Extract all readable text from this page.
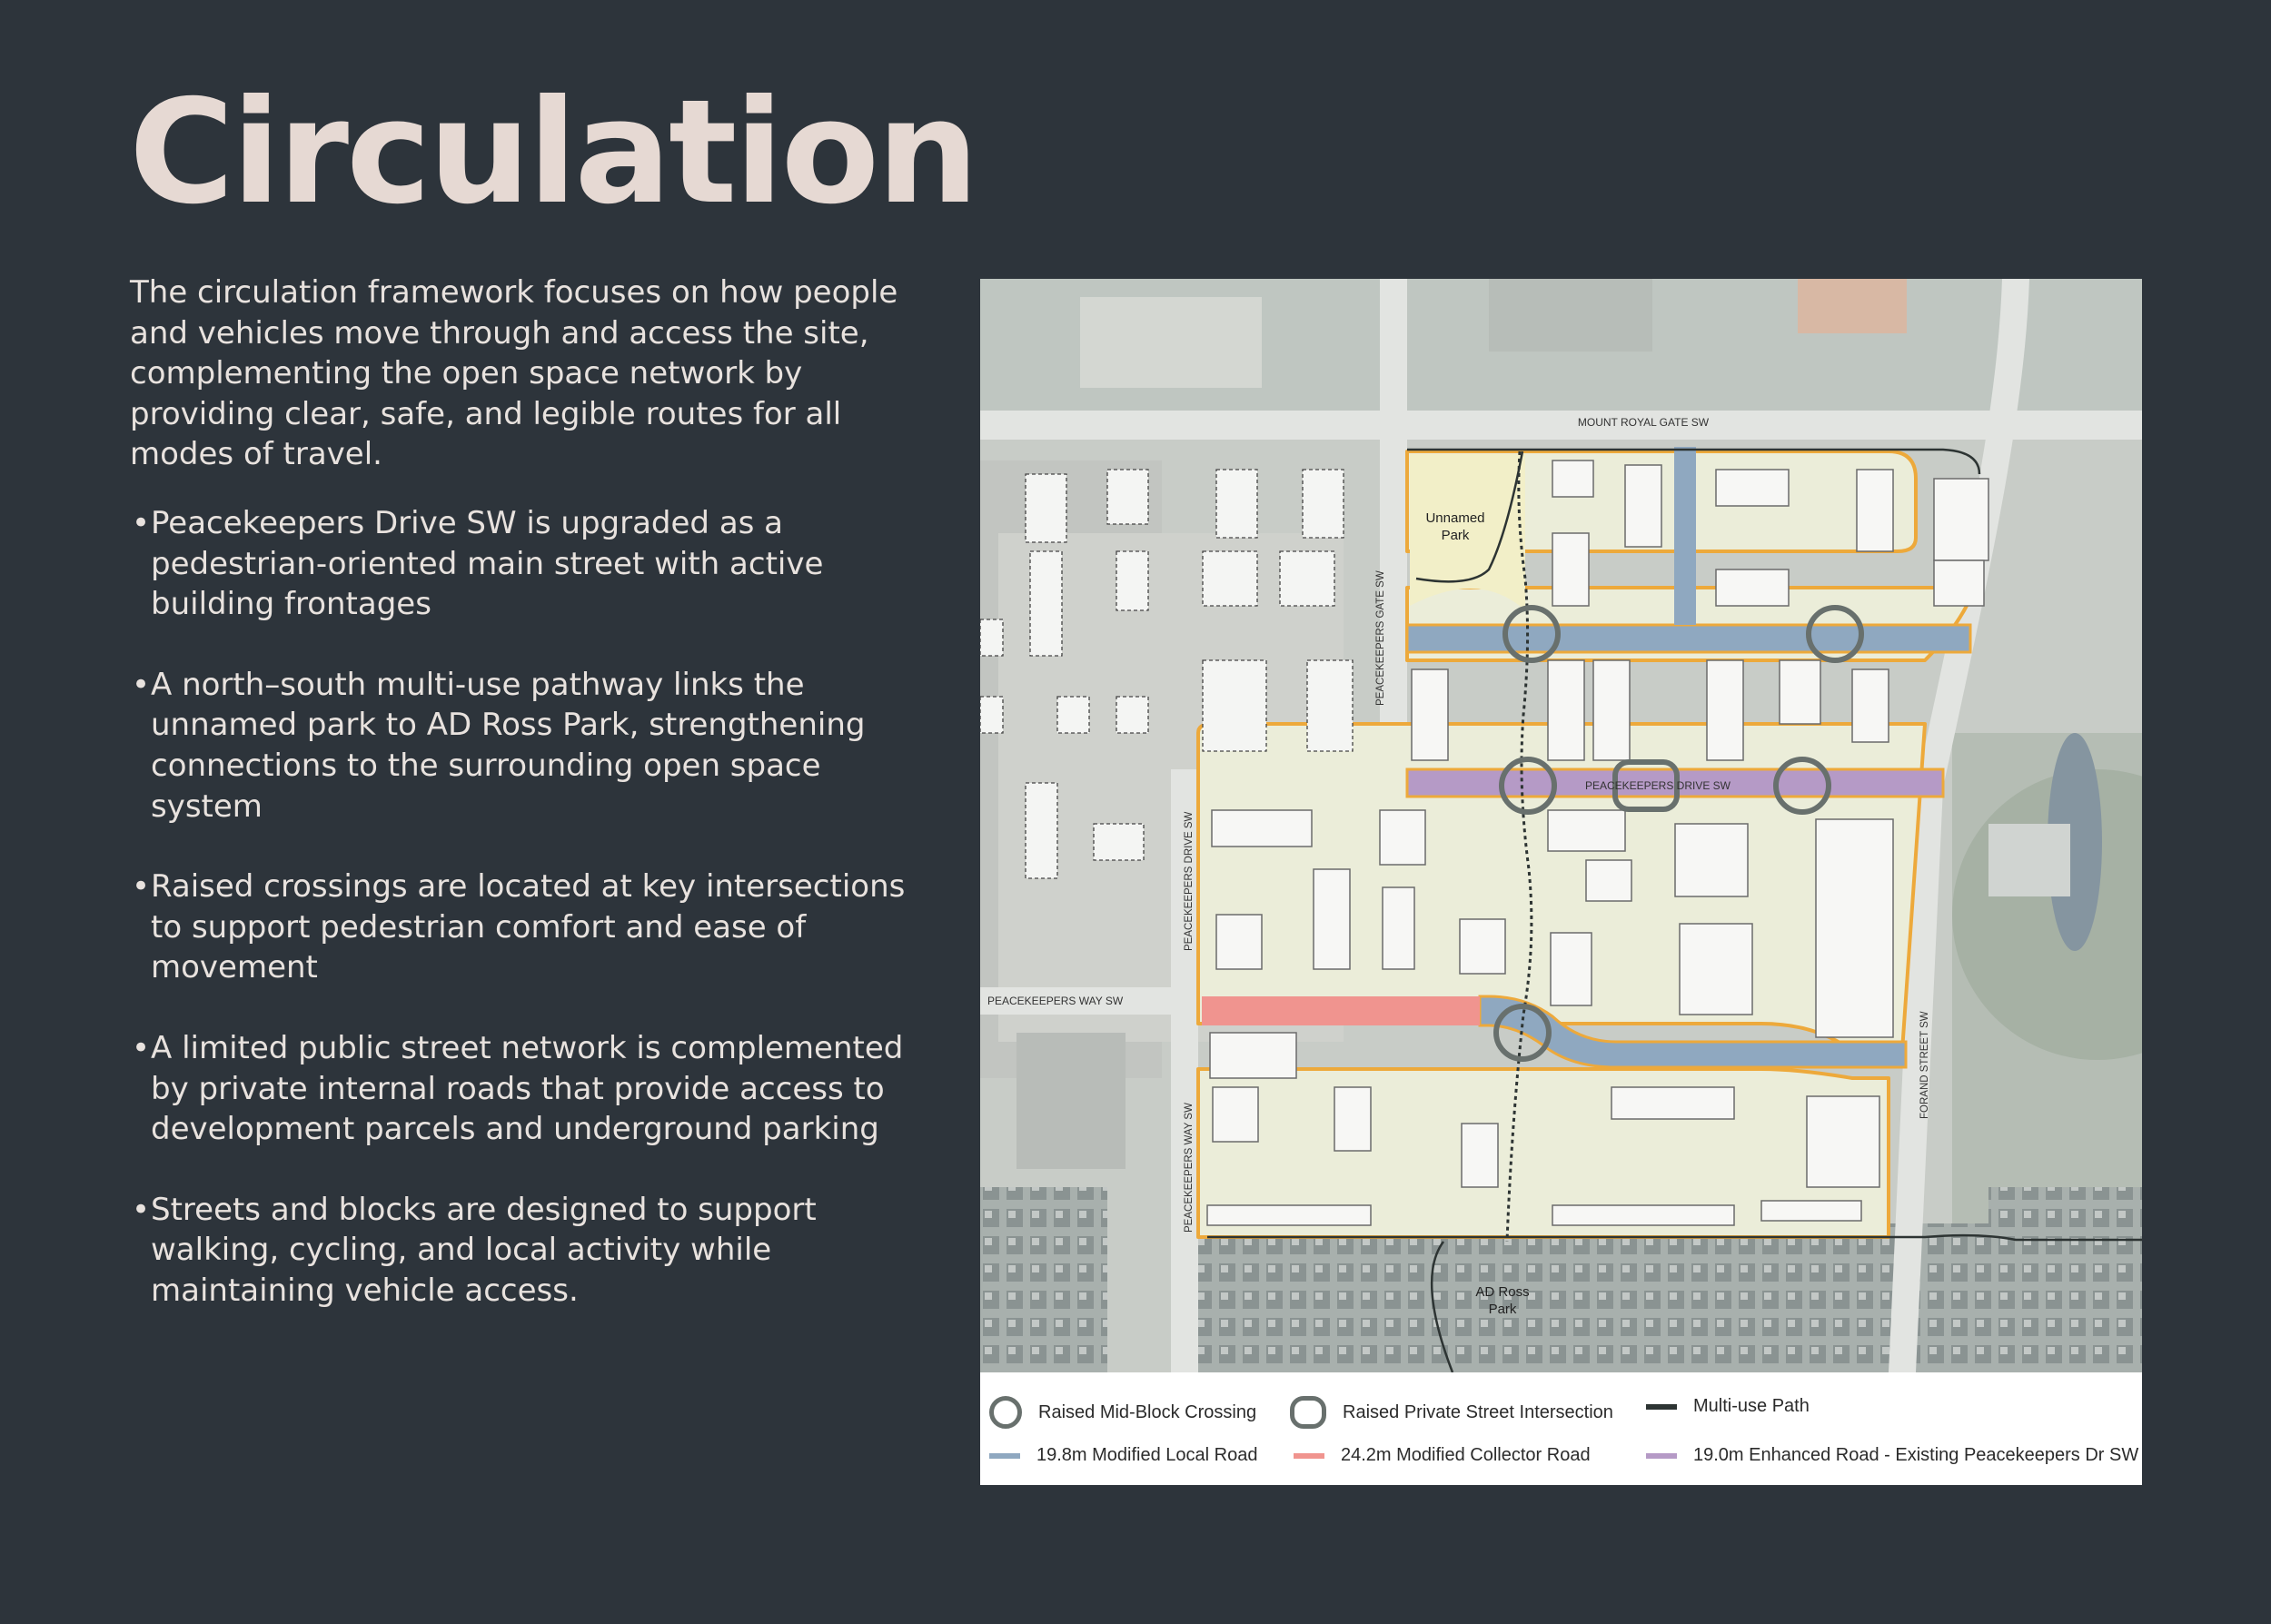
Circulation

The circulation framework focuses on how people and vehicles move through and access the site, complementing the open space network by providing clear, safe, and legible routes for all modes of travel.

• Peacekeepers Drive SW is upgraded as a pedestrian-oriented main street with active building frontages
• A north–south multi-use pathway links the unnamed park to AD Ross Park, strengthening connections to the surrounding open space system
• Raised crossings are located at key intersections to support pedestrian comfort and ease of movement
• A limited public street network is complemented by private internal roads that provide access to development parcels and underground parking
• Streets and blocks are designed to support walking, cycling, and local activity while maintaining vehicle access.
MOUNT ROYAL GATE SW
PEACEKEEPERS GATE SW
PEACEKEEPERS DRIVE SW
PEACEKEEPERS DRIVE SW
PEACEKEEPERS WAY SW
PEACEKEEPERS WAY SW
FORAND STREET SW
Unnamed
Park
AD Ross
Park
Raised Mid-Block Crossing	Raised Private Street Intersection	Multi-use Path
19.8m Modified Local Road	24.2m Modified Collector Road	19.0m Enhanced Road - Existing Peacekeepers Dr SW
